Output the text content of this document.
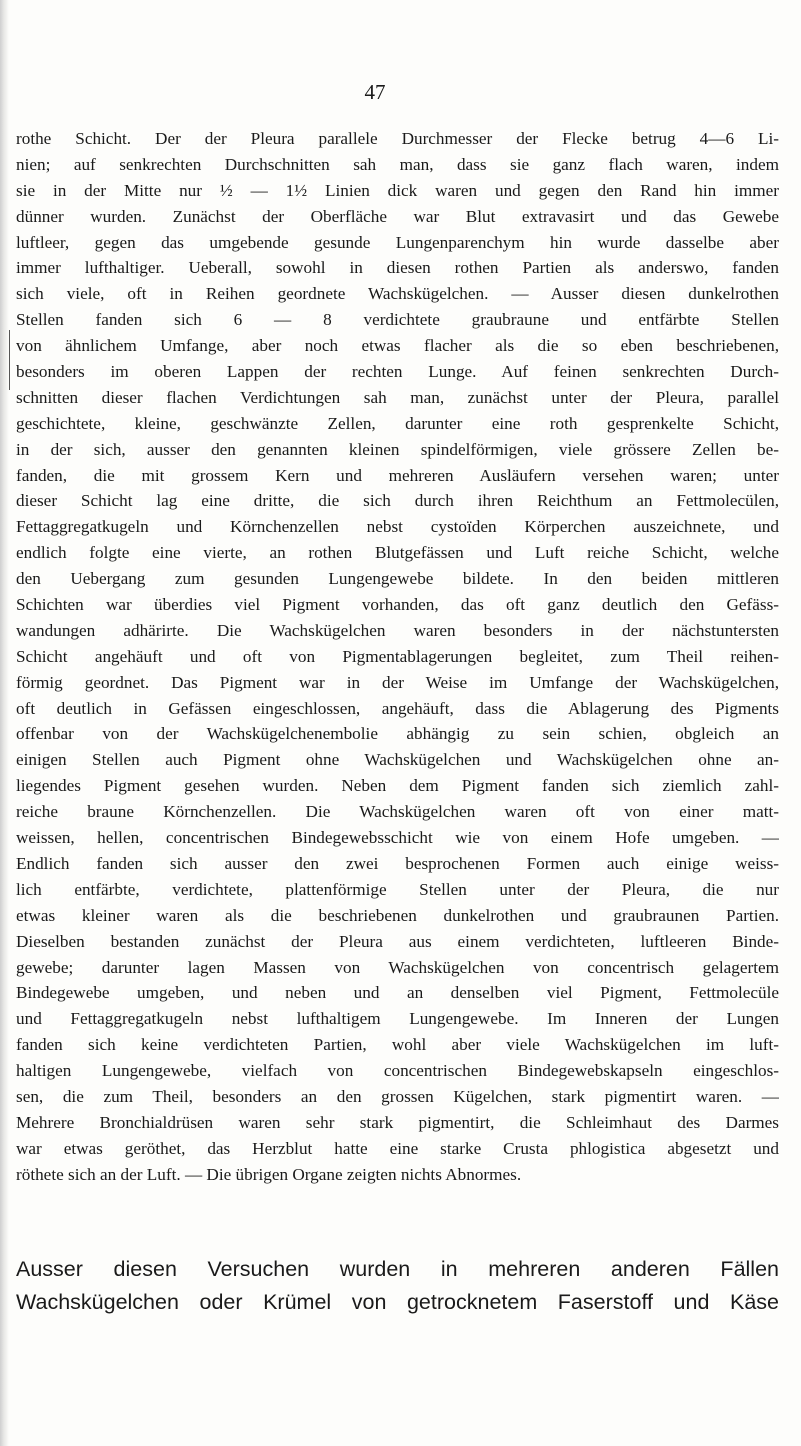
47

rothe Schicht. Der der Pleura parallele Durchmesser der Flecke betrug 4—6 Li-
nien; auf senkrechten Durchschnitten sah man, dass sie ganz flach waren, indem
sie in der Mitte nur ½ — 1½ Linien dick waren und gegen den Rand hin immer
dünner wurden. Zunächst der Oberfläche war Blut extravasirt und das Gewebe
luftleer, gegen das umgebende gesunde Lungenparenchym hin wurde dasselbe aber
immer lufthaltiger. Ueberall, sowohl in diesen rothen Partien als anderswo, fanden
sich viele, oft in Reihen geordnete Wachskügelchen. — Ausser diesen dunkelrothen
Stellen fanden sich 6 — 8 verdichtete graubraune und entfärbte Stellen
von ähnlichem Umfange, aber noch etwas flacher als die so eben beschriebenen,
besonders im oberen Lappen der rechten Lunge. Auf feinen senkrechten Durch-
schnitten dieser flachen Verdichtungen sah man, zunächst unter der Pleura, parallel
geschichtete, kleine, geschwänzte Zellen, darunter eine roth gesprenkelte Schicht,
in der sich, ausser den genannten kleinen spindelförmigen, viele grössere Zellen be-
fanden, die mit grossem Kern und mehreren Ausläufern versehen waren; unter
dieser Schicht lag eine dritte, die sich durch ihren Reichthum an Fettmolecülen,
Fettaggregatkugeln und Körnchenzellen nebst cystoïden Körperchen auszeichnete, und
endlich folgte eine vierte, an rothen Blutgefässen und Luft reiche Schicht, welche
den Uebergang zum gesunden Lungengewebe bildete. In den beiden mittleren
Schichten war überdies viel Pigment vorhanden, das oft ganz deutlich den Gefäss-
wandungen adhärirte. Die Wachskügelchen waren besonders in der nächstuntersten
Schicht angehäuft und oft von Pigmentablagerungen begleitet, zum Theil reihen-
förmig geordnet. Das Pigment war in der Weise im Umfange der Wachskügelchen,
oft deutlich in Gefässen eingeschlossen, angehäuft, dass die Ablagerung des Pigments
offenbar von der Wachskügelchenembolie abhängig zu sein schien, obgleich an
einigen Stellen auch Pigment ohne Wachskügelchen und Wachskügelchen ohne an-
liegendes Pigment gesehen wurden. Neben dem Pigment fanden sich ziemlich zahl-
reiche braune Körnchenzellen. Die Wachskügelchen waren oft von einer matt-
weissen, hellen, concentrischen Bindegewebsschicht wie von einem Hofe umgeben. —
Endlich fanden sich ausser den zwei besprochenen Formen auch einige weiss-
lich entfärbte, verdichtete, plattenförmige Stellen unter der Pleura, die nur
etwas kleiner waren als die beschriebenen dunkelrothen und graubraunen Partien.
Dieselben bestanden zunächst der Pleura aus einem verdichteten, luftleeren Binde-
gewebe; darunter lagen Massen von Wachskügelchen von concentrisch gelagertem
Bindegewebe umgeben, und neben und an denselben viel Pigment, Fettmolecüle
und Fettaggregatkugeln nebst lufthaltigem Lungengewebe. Im Inneren der Lungen
fanden sich keine verdichteten Partien, wohl aber viele Wachskügelchen im luft-
haltigen Lungengewebe, vielfach von concentrischen Bindegewebskapseln eingeschlos-
sen, die zum Theil, besonders an den grossen Kügelchen, stark pigmentirt waren. —
Mehrere Bronchialdrüsen waren sehr stark pigmentirt, die Schleimhaut des Darmes
war etwas geröthet, das Herzblut hatte eine starke Crusta phlogistica abgesetzt und
röthete sich an der Luft. — Die übrigen Organe zeigten nichts Abnormes.
Ausser diesen Versuchen wurden in mehreren anderen Fällen
Wachskügelchen oder Krümel von getrocknetem Faserstoff und Käse
